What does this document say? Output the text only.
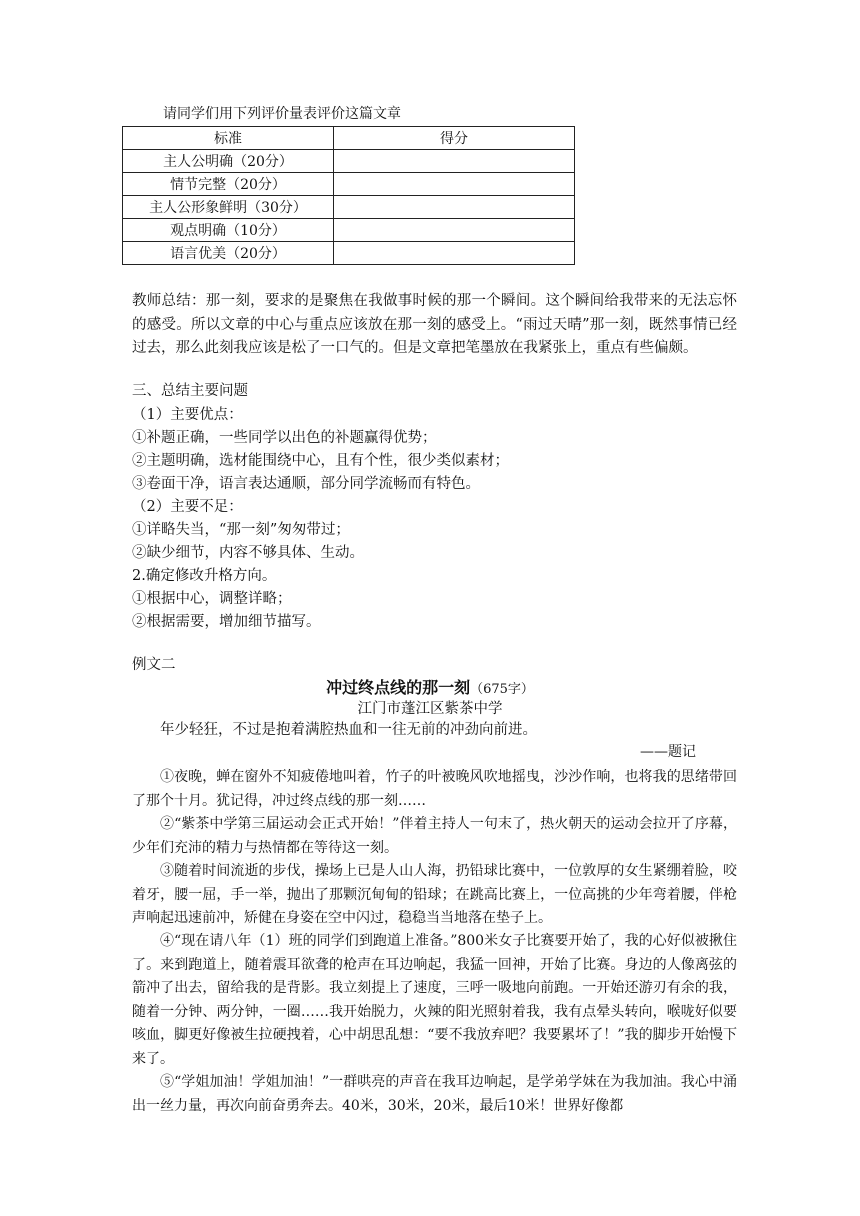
请同学们用下列评价量表评价这篇文章
标准	得分
主人公明确（20分）	
情节完整（20分）	
主人公形象鲜明（30分）	
观点明确（10分）	
语言优美（20分）	
教师总结：那一刻，要求的是聚焦在我做事时候的那一个瞬间。这个瞬间给我带来的无法忘怀的感受。所以文章的中心与重点应该放在那一刻的感受上。“雨过天晴”那一刻，既然事情已经过去，那么此刻我应该是松了一口气的。但是文章把笔墨放在我紧张上，重点有些偏颇。
三、总结主要问题
（1）主要优点：
①补题正确，一些同学以出色的补题赢得优势；
②主题明确，选材能围绕中心，且有个性，很少类似素材；
③卷面干净，语言表达通顺，部分同学流畅而有特色。
（2）主要不足：
①详略失当，“那一刻”匆匆带过；
②缺少细节，内容不够具体、生动。
2.确定修改升格方向。
①根据中心，调整详略；
②根据需要，增加细节描写。
例文二
冲过终点线的那一刻（675字）
江门市蓬江区紫茶中学
年少轻狂，不过是抱着满腔热血和一往无前的冲劲向前进。
——题记

①夜晚，蝉在窗外不知疲倦地叫着，竹子的叶被晚风吹地摇曳，沙沙作响，也将我的思绪带回了那个十月。犹记得，冲过终点线的那一刻……

②“紫茶中学第三届运动会正式开始！”伴着主持人一句末了，热火朝天的运动会拉开了序幕，少年们充沛的精力与热情都在等待这一刻。

③随着时间流逝的步伐，操场上已是人山人海，扔铅球比赛中，一位敦厚的女生紧绷着脸，咬着牙，腰一屈，手一举，抛出了那颗沉甸甸的铅球；在跳高比赛上，一位高挑的少年弯着腰，伴枪声响起迅速前冲，矫健在身姿在空中闪过，稳稳当当地落在垫子上。

④“现在请八年（1）班的同学们到跑道上准备。”800米女子比赛要开始了，我的心好似被揪住了。来到跑道上，随着震耳欲聋的枪声在耳边响起，我猛一回神，开始了比赛。身边的人像离弦的箭冲了出去，留给我的是背影。我立刻提上了速度，三呼一吸地向前跑。一开始还游刃有余的我，随着一分钟、两分钟，一圈……我开始脱力，火辣的阳光照射着我，我有点晕头转向，喉咙好似要咳血，脚更好像被生拉硬拽着，心中胡思乱想：“要不我放弃吧？我要累坏了！”我的脚步开始慢下来了。

⑤“学姐加油！学姐加油！”一群哄亮的声音在我耳边响起，是学弟学妹在为我加油。我心中涌出一丝力量，再次向前奋勇奔去。40米，30米，20米，最后10米！世界好像都
